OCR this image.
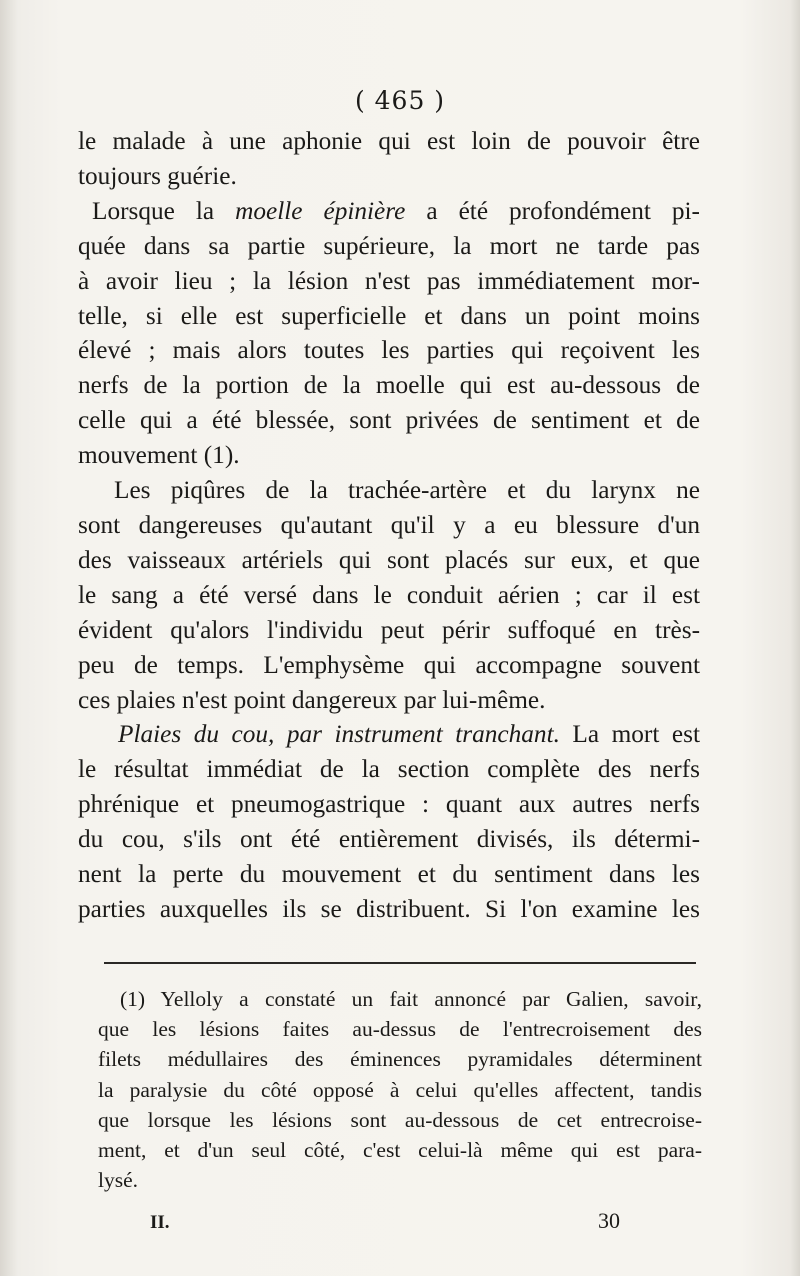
( 465 )

le malade à une aphonie qui est loin de pouvoir être
toujours guérie.

Lorsque la moelle épinière a été profondément pi-
quée dans sa partie supérieure, la mort ne tarde pas
à avoir lieu ; la lésion n'est pas immédiatement mor-
telle, si elle est superficielle et dans un point moins
élevé ; mais alors toutes les parties qui reçoivent les
nerfs de la portion de la moelle qui est au-dessous de
celle qui a été blessée, sont privées de sentiment et de
mouvement (1).

Les piqûres de la trachée-artère et du larynx ne
sont dangereuses qu'autant qu'il y a eu blessure d'un
des vaisseaux artériels qui sont placés sur eux, et que
le sang a été versé dans le conduit aérien ; car il est
évident qu'alors l'individu peut périr suffoqué en très-
peu de temps. L'emphysème qui accompagne souvent
ces plaies n'est point dangereux par lui-même.

Plaies du cou, par instrument tranchant. La mort est
le résultat immédiat de la section complète des nerfs
phrénique et pneumogastrique : quant aux autres nerfs
du cou, s'ils ont été entièrement divisés, ils détermi-
nent la perte du mouvement et du sentiment dans les
parties auxquelles ils se distribuent. Si l'on examine les

(1) Yelloly a constaté un fait annoncé par Galien, savoir,
que les lésions faites au-dessus de l'entrecroisement des
filets médullaires des éminences pyramidales déterminent
la paralysie du côté opposé à celui qu'elles affectent, tandis
que lorsque les lésions sont au-dessous de cet entrecroise-
ment, et d'un seul côté, c'est celui-là même qui est para-
lysé.
II.	30
